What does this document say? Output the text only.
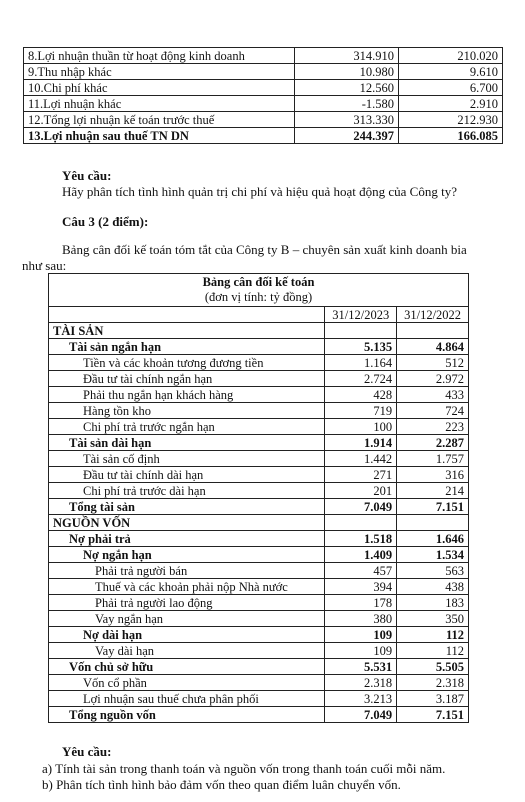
8.Lợi nhuận thuần từ hoạt động kinh doanh	314.910	210.020
9.Thu nhập khác	10.980	9.610
10.Chi phí khác	12.560	6.700
11.Lợi nhuận khác	-1.580	2.910
12.Tổng lợi nhuận kế toán trước thuế	313.330	212.930
13.Lợi nhuận sau thuế TN DN	244.397	166.085
Yêu cầu:
Hãy phân tích tình hình quản trị chi phí và hiệu quả hoạt động của Công ty?
Câu 3 (2 điểm):
Bảng cân đối kế toán tóm tắt của Công ty B – chuyên sản xuất kinh doanh bia
như sau:
Bảng cân đối kế toán
(đơn vị tính: tỷ đồng)		

	31/12/2023	31/12/2022
TÀI SẢN		
Tài sản ngắn hạn	5.135	4.864
Tiền và các khoản tương đương tiền	1.164	512
Đầu tư tài chính ngắn hạn	2.724	2.972
Phải thu ngắn hạn khách hàng	428	433
Hàng tồn kho	719	724
Chi phí trả trước ngắn hạn	100	223
Tài sản dài hạn	1.914	2.287
Tài sản cố định	1.442	1.757
Đầu tư tài chính dài hạn	271	316
Chi phí trả trước dài hạn	201	214
Tổng tài sản	7.049	7.151
NGUỒN VỐN		
Nợ phải trả	1.518	1.646
Nợ ngắn hạn	1.409	1.534
Phải trả người bán	457	563
Thuế và các khoản phải nộp Nhà nước	394	438
Phải trả người lao động	178	183
Vay ngắn hạn	380	350
Nợ dài hạn	109	112
Vay dài hạn	109	112
Vốn chủ sở hữu	5.531	5.505
Vốn cổ phần	2.318	2.318
Lợi nhuận sau thuế chưa phân phối	3.213	3.187
Tổng nguồn vốn	7.049	7.151
Yêu cầu:
a) Tính tài sản trong thanh toán và nguồn vốn trong thanh toán cuối mỗi năm.
b) Phân tích tình hình bảo đảm vốn theo quan điểm luân chuyển vốn.
